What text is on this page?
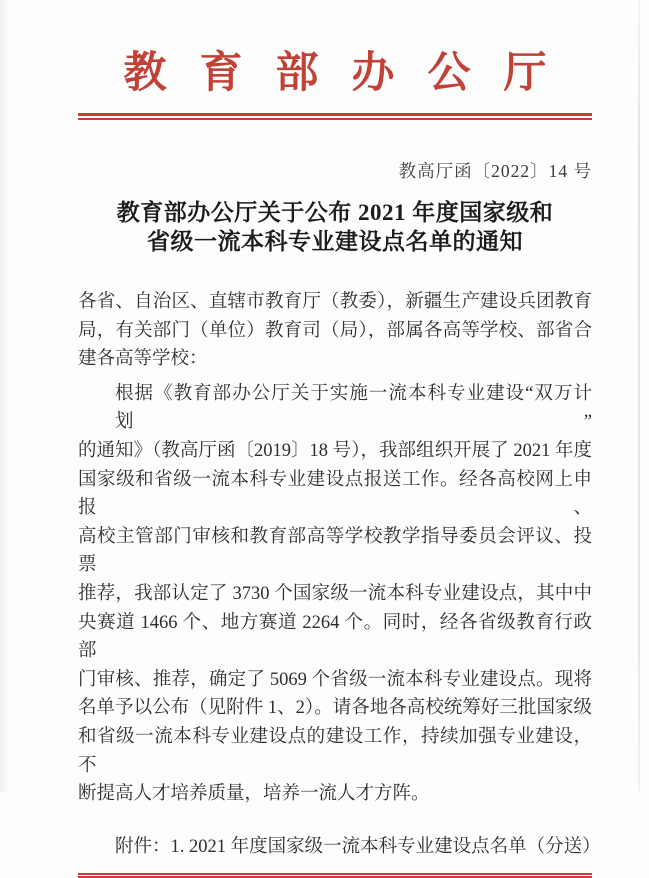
教育部办公厅
教高厅函〔2022〕14 号
教育部办公厅关于公布 2021 年度国家级和
省级一流本科专业建设点名单的通知
各省、自治区、直辖市教育厅（教委），新疆生产建设兵团教育
局，有关部门（单位）教育司（局），部属各高等学校、部省合
建各高等学校：
根据《教育部办公厅关于实施一流本科专业建设“双万计划”
的通知》（教高厅函〔2019〕18 号），我部组织开展了 2021 年度
国家级和省级一流本科专业建设点报送工作。经各高校网上申报、
高校主管部门审核和教育部高等学校教学指导委员会评议、投票
推荐，我部认定了 3730 个国家级一流本科专业建设点，其中中
央赛道 1466 个、地方赛道 2264 个。同时，经各省级教育行政部
门审核、推荐，确定了 5069 个省级一流本科专业建设点。现将
名单予以公布（见附件 1、2）。请各地各高校统筹好三批国家级
和省级一流本科专业建设点的建设工作，持续加强专业建设，不
断提高人才培养质量，培养一流人才方阵。
附件：1. 2021 年度国家级一流本科专业建设点名单（分送）
